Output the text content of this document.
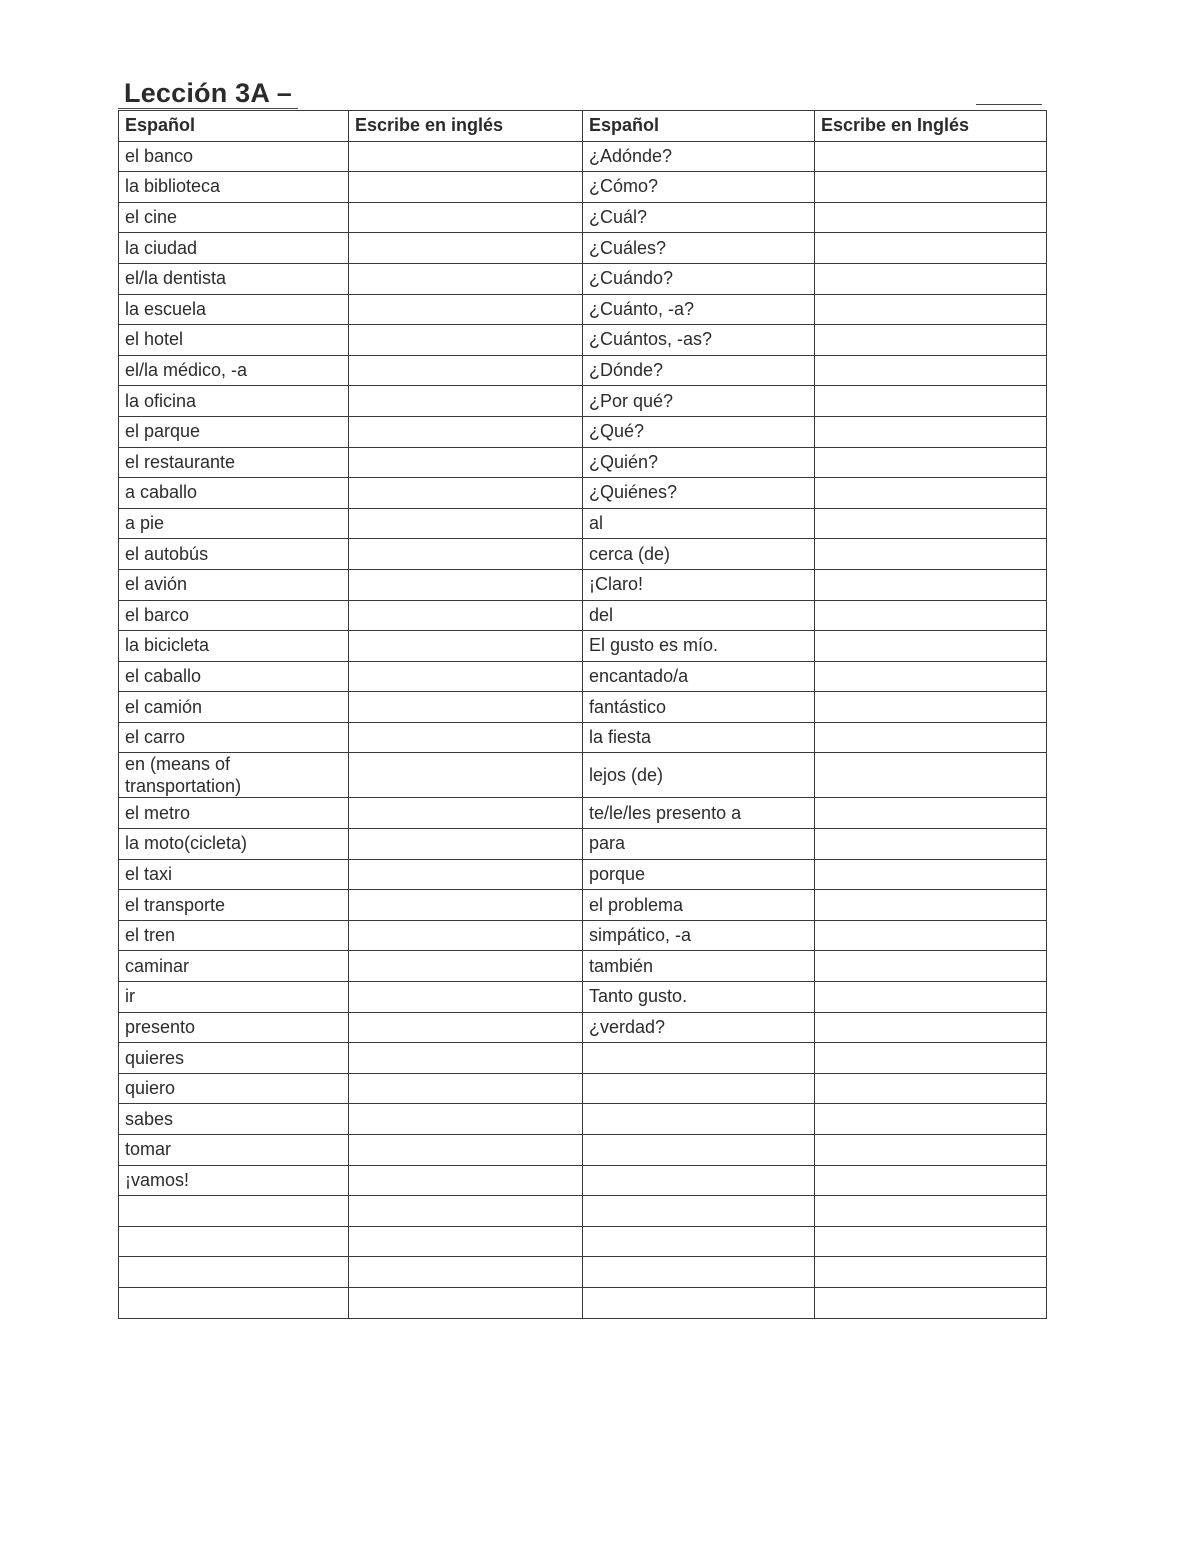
Lección 3A –
Español	Escribe en inglés	Español	Escribe en Inglés
el banco		¿Adónde?	
la biblioteca		¿Cómo?	
el cine		¿Cuál?	
la ciudad		¿Cuáles?	
el/la dentista		¿Cuándo?	
la escuela		¿Cuánto, -a?	
el hotel		¿Cuántos, -as?	
el/la médico, -a		¿Dónde?	
la oficina		¿Por qué?	
el parque		¿Qué?	
el restaurante		¿Quién?	
a caballo		¿Quiénes?	
a pie		al	
el autobús		cerca (de)	
el avión		¡Claro!	
el barco		del	
la bicicleta		El gusto es mío.	
el caballo		encantado/a	
el camión		fantástico	
el carro		la fiesta	
en (means of transportation)		lejos (de)	
el metro		te/le/les presento a	
la moto(cicleta)		para	
el taxi		porque	
el transporte		el problema	
el tren		simpático, -a	
caminar		también	
ir		Tanto gusto.	
presento		¿verdad?	
quieres			
quiero			
sabes			
tomar			
¡vamos!			
